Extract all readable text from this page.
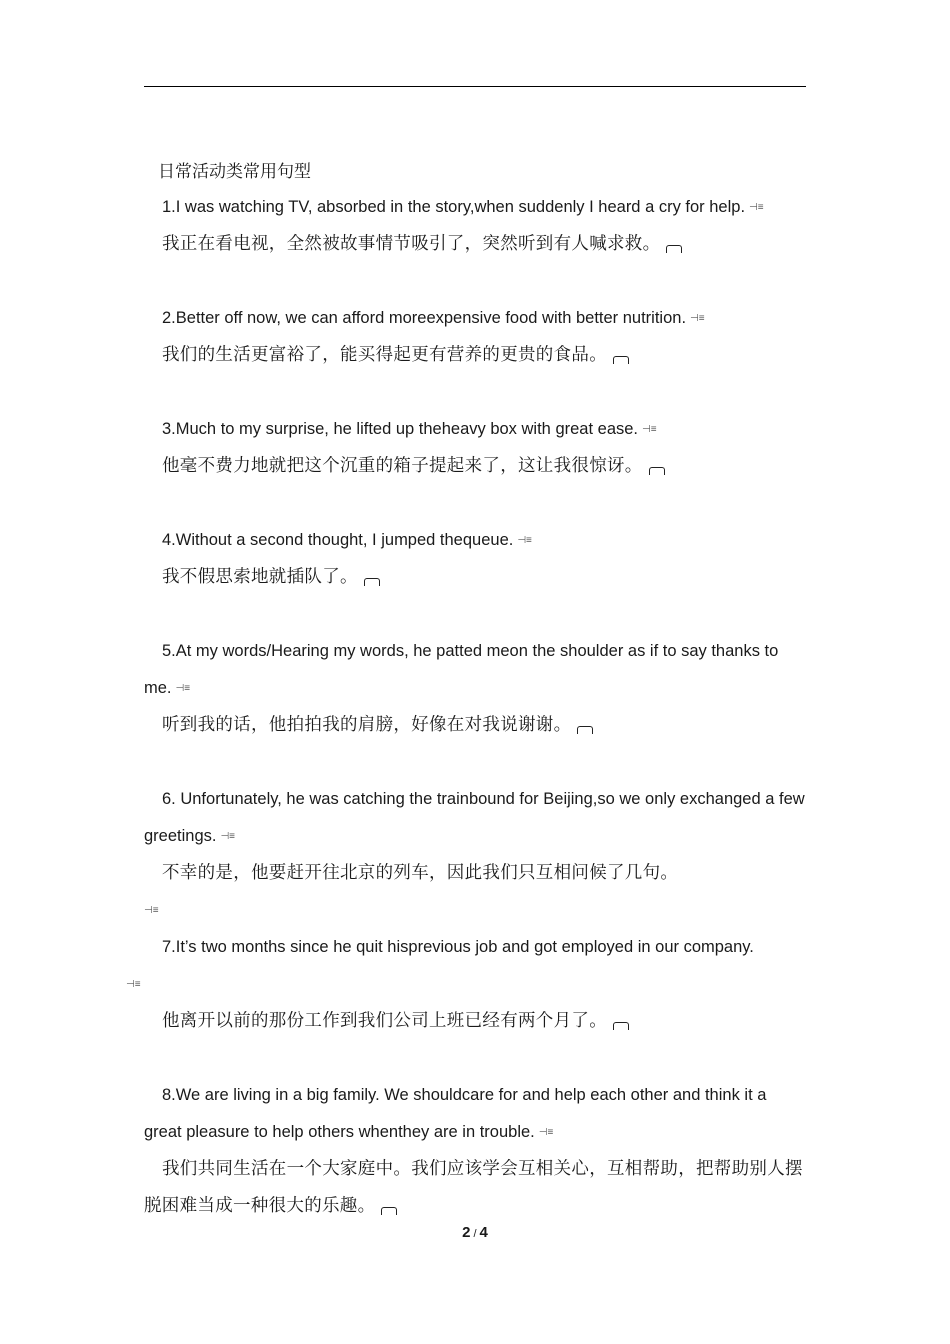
日常活动类常用句型

1.I was watching TV, absorbed in the story,when suddenly I heard a cry for help. ⊣≡

我正在看电视，全然被故事情节吸引了，突然听到有人喊求救。

2.Better off now, we can afford moreexpensive food with better nutrition. ⊣≡

我们的生活更富裕了，能买得起更有营养的更贵的食品。

3.Much to my surprise, he lifted up theheavy box with great ease. ⊣≡

他毫不费力地就把这个沉重的箱子提起来了，这让我很惊讶。

4.Without a second thought, I jumped thequeue. ⊣≡

我不假思索地就插队了。

5.At my words/Hearing my words, he patted meon the shoulder as if to say thanks to me. ⊣≡

听到我的话，他拍拍我的肩膀，好像在对我说谢谢。

6. Unfortunately, he was catching the trainbound for Beijing,so we only exchanged a few greetings. ⊣≡

不幸的是，他要赶开往北京的列车，因此我们只互相问候了几句。

⊣≡

7.It’s two months since he quit hisprevious job and got employed in our company.
⊣≡

他离开以前的那份工作到我们公司上班已经有两个月了。

8.We are living in a big family. We shouldcare for and help each other and think it a great pleasure to help others whenthey are in trouble. ⊣≡

我们共同生活在一个大家庭中。我们应该学会互相关心，互相帮助，把帮助别人摆脱困难当成一种很大的乐趣。

2 / 4
